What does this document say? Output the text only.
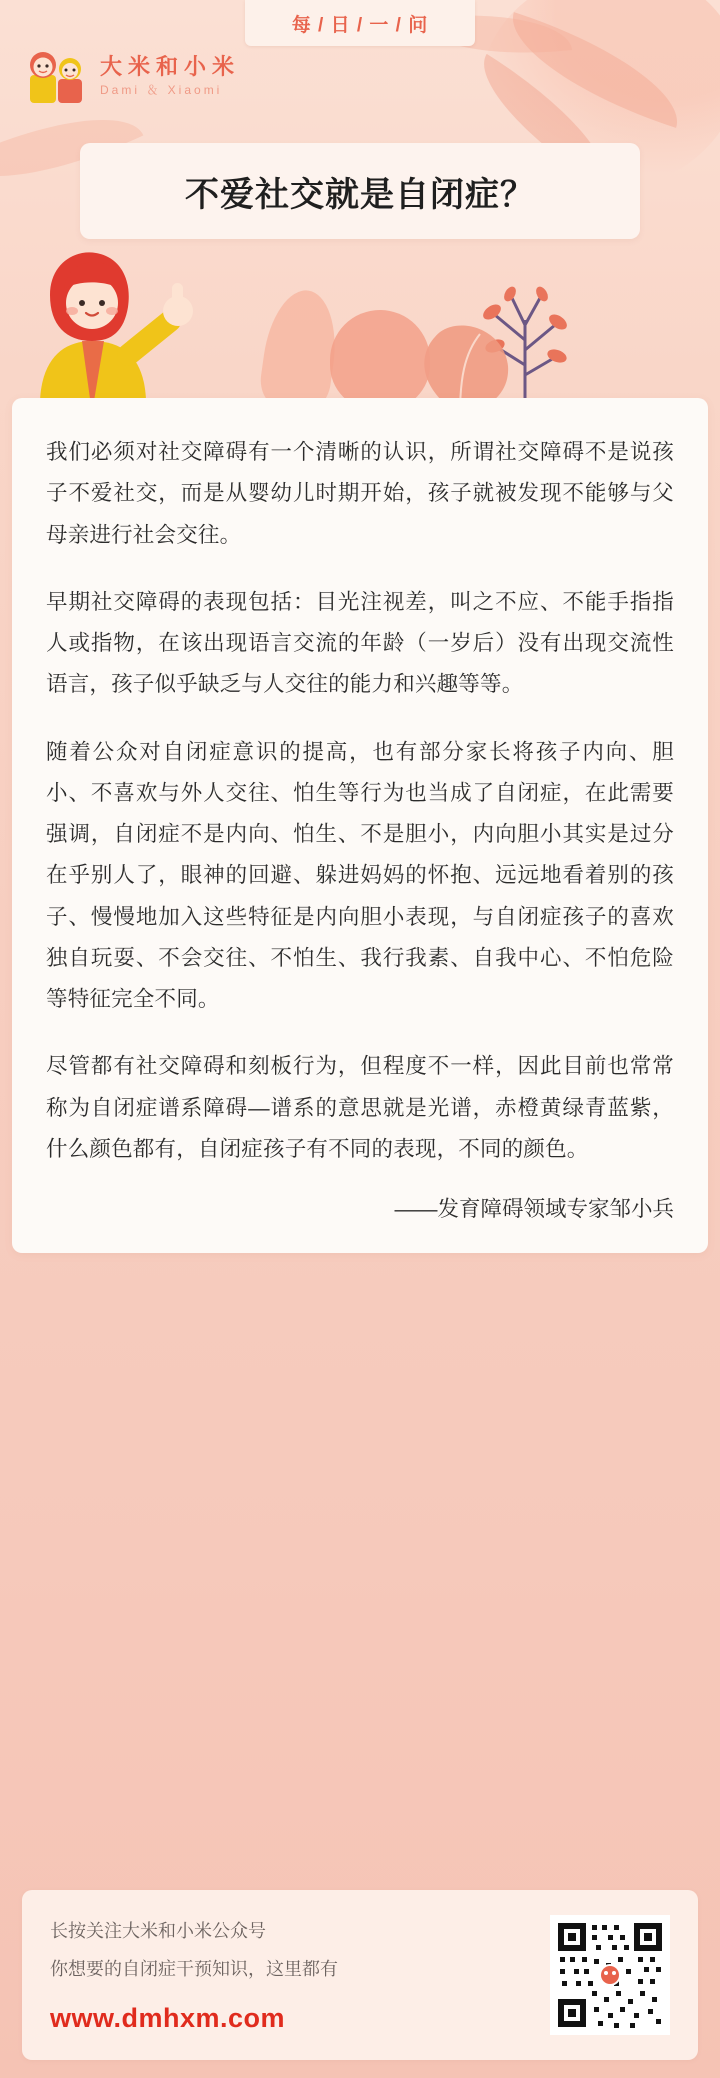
每 / 日 / 一 / 问
大米和小米
Dami ＆ Xiaomi
不爱社交就是自闭症？

我们必须对社交障碍有一个清晰的认识，所谓社交障碍不是说孩子不爱社交，而是从婴幼儿时期开始，孩子就被发现不能够与父母亲进行社会交往。

早期社交障碍的表现包括：目光注视差，叫之不应、不能手指指人或指物，在该出现语言交流的年龄（一岁后）没有出现交流性语言，孩子似乎缺乏与人交往的能力和兴趣等等。

随着公众对自闭症意识的提高，也有部分家长将孩子内向、胆小、不喜欢与外人交往、怕生等行为也当成了自闭症，在此需要强调，自闭症不是内向、怕生、不是胆小，内向胆小其实是过分在乎别人了，眼神的回避、躲进妈妈的怀抱、远远地看着别的孩子、慢慢地加入这些特征是内向胆小表现，与自闭症孩子的喜欢独自玩耍、不会交往、不怕生、我行我素、自我中心、不怕危险等特征完全不同。

尽管都有社交障碍和刻板行为，但程度不一样，因此目前也常常称为自闭症谱系障碍—谱系的意思就是光谱，赤橙黄绿青蓝紫，什么颜色都有，自闭症孩子有不同的表现，不同的颜色。

——发育障碍领域专家邹小兵
长按关注大米和小米公众号
你想要的自闭症干预知识，这里都有
www.dmhxm.com
